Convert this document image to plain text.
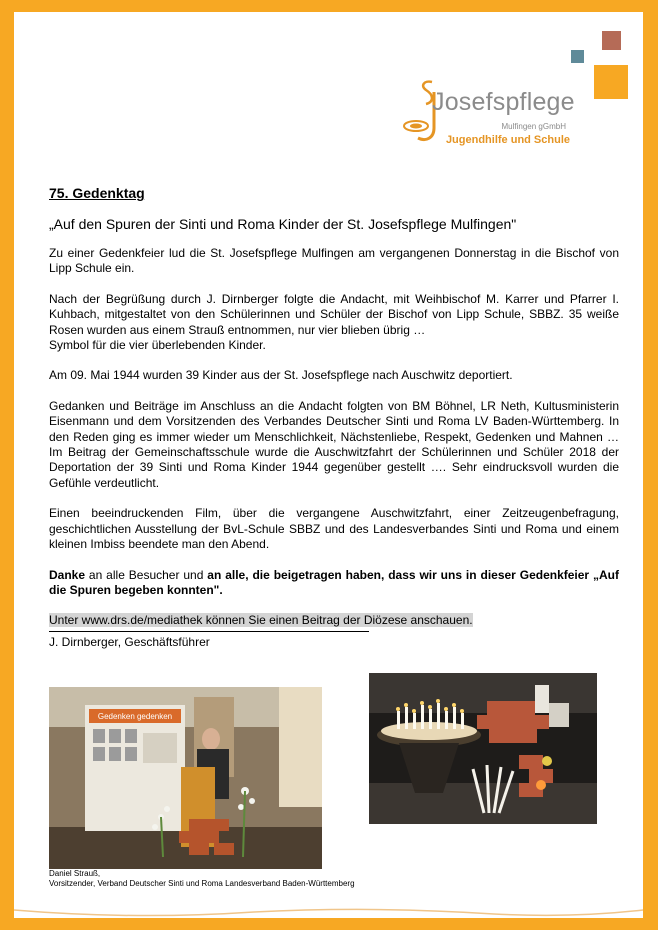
Josefspflege
Mulfingen gGmbH
Jugendhilfe und Schule
75. Gedenktag
„Auf den Spuren der Sinti und Roma Kinder der St. Josefspflege Mulfingen"
Zu einer Gedenkfeier lud die St. Josefspflege Mulfingen am vergangenen Donnerstag in die Bischof von Lipp Schule ein.
Nach der Begrüßung durch J. Dirnberger folgte die Andacht, mit Weihbischof M. Karrer und Pfarrer I. Kuhbach, mitgestaltet von den Schülerinnen und Schüler der Bischof von Lipp Schule, SBBZ. 35 weiße Rosen wurden aus einem Strauß entnommen, nur vier blieben übrig …
Symbol für die vier überlebenden Kinder.
Am 09. Mai 1944 wurden 39 Kinder aus der St. Josefspflege nach Auschwitz deportiert.
Gedanken und Beiträge im Anschluss an die Andacht folgten von BM Böhnel, LR Neth, Kultusministerin Eisenmann und dem Vorsitzenden des Verbandes Deutscher Sinti und Roma LV Baden-Württemberg. In den Reden ging es immer wieder um Menschlichkeit, Nächstenliebe, Respekt, Gedenken und Mahnen … Im Beitrag der Gemeinschaftsschule wurde die Auschwitzfahrt der Schülerinnen und Schüler 2018 der Deportation der 39 Sinti und Roma Kinder 1944 gegenüber gestellt …. Sehr eindrucksvoll wurden die Gefühle verdeutlicht.
Einen beeindruckenden Film, über die vergangene Auschwitzfahrt, einer Zeitzeugenbefragung, geschichtlichen Ausstellung der BvL-Schule SBBZ und des Landesverbandes Sinti und Roma und einem kleinen Imbiss beendete man den Abend.
Danke an alle Besucher und an alle, die beigetragen haben, dass wir uns in dieser Gedenkfeier „Auf die Spuren begeben konnten".
Unter www.drs.de/mediathek können Sie einen Beitrag der Diözese anschauen.
J. Dirnberger, Geschäftsführer
Gedenken gedenken
Daniel Strauß,
Vorsitzender, Verband Deutscher Sinti und Roma Landesverband Baden-Württemberg
